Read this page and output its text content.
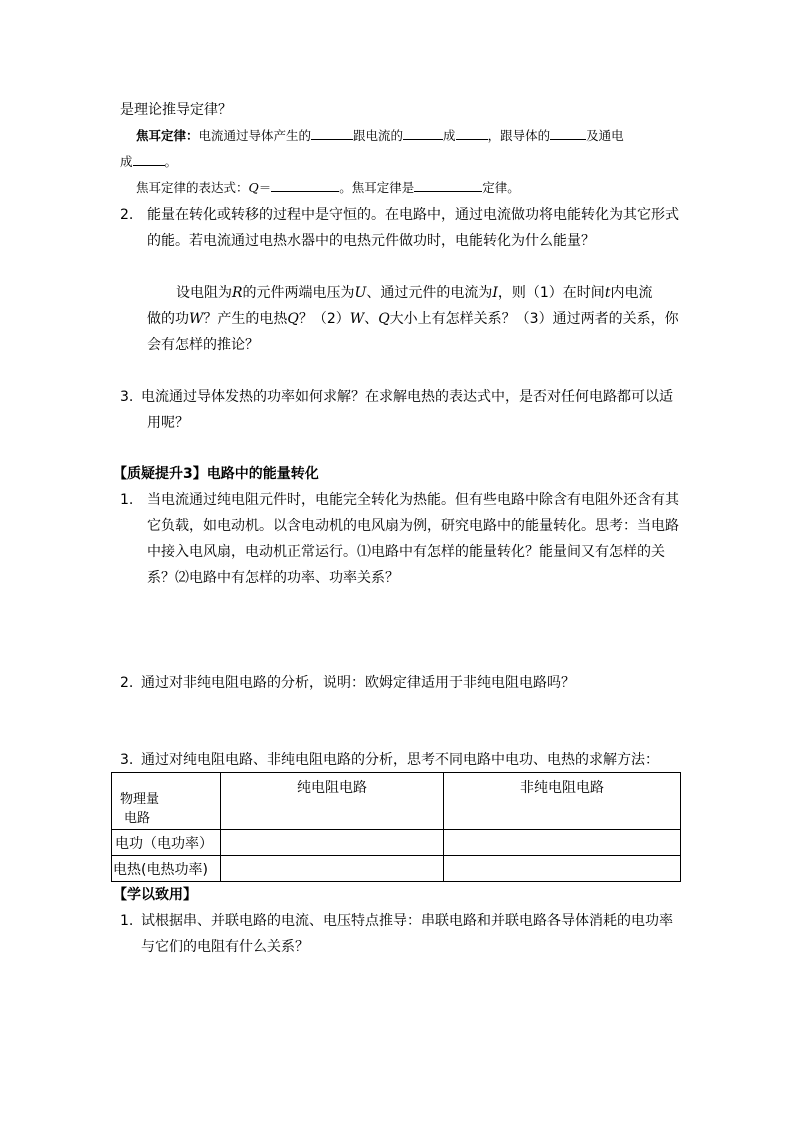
是理论推导定律？
焦耳定律：电流通过导体产生的	跟电流的	成	，跟导体的	及通电
成	。
焦耳定律的表达式：Q＝	。焦耳定律是	定律。
2. 能量在转化或转移的过程中是守恒的。在电路中，通过电流做功将电能转化为其它形式
的能。若电流通过电热水器中的电热元件做功时，电能转化为什么能量？
设电阻为R的元件两端电压为U、通过元件的电流为I，则（1）在时间t内电流
做的功W？产生的电热Q？（2）W、Q大小上有怎样关系？（3）通过两者的关系，你
会有怎样的推论？
3. 电流通过导体发热的功率如何求解？在求解电热的表达式中，是否对任何电路都可以适
用呢？
【质疑提升3】电路中的能量转化
1. 当电流通过纯电阻元件时，电能完全转化为热能。但有些电路中除含有电阻外还含有其
它负载，如电动机。以含电动机的电风扇为例，研究电路中的能量转化。思考：当电路
中接入电风扇，电动机正常运行。⑴电路中有怎样的能量转化？能量间又有怎样的关
系？⑵电路中有怎样的功率、功率关系？
2. 通过对非纯电阻电路的分析，说明：欧姆定律适用于非纯电阻电路吗？
3. 通过对纯电阻电路、非纯电阻电路的分析，思考不同电路中电功、电热的求解方法：
物理量
电路	纯电阻电路	非纯电阻电路
电功（电功率）		
电热(电热功率)		
【学以致用】
1. 试根据串、并联电路的电流、电压特点推导：串联电路和并联电路各导体消耗的电功率
与它们的电阻有什么关系？
